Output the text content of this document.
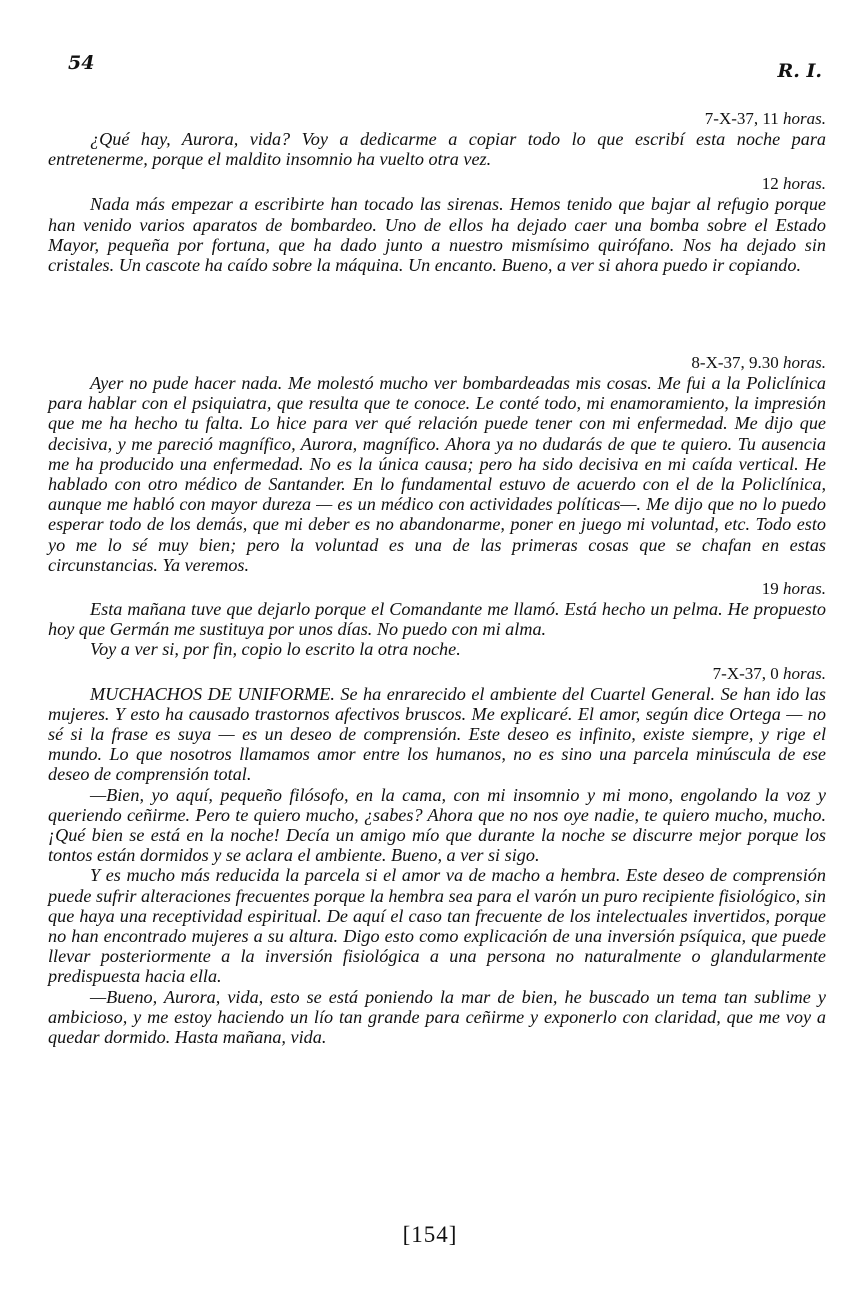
54	R. I.
7-X-37, 11 horas.

¿Qué hay, Aurora, vida? Voy a dedicarme a copiar todo lo que escribí esta noche para entretenerme, porque el maldito insomnio ha vuelto otra vez.

12 horas.

Nada más empezar a escribirte han tocado las sirenas. Hemos tenido que bajar al refugio porque han venido varios aparatos de bombardeo. Uno de ellos ha dejado caer una bomba sobre el Estado Mayor, pequeña por fortuna, que ha dado junto a nuestro mismísimo quirófano. Nos ha dejado sin cristales. Un cascote ha caído sobre la máquina. Un encanto. Bueno, a ver si ahora puedo ir copiando.

8-X-37, 9.30 horas.

Ayer no pude hacer nada. Me molestó mucho ver bombardeadas mis cosas. Me fui a la Policlínica para hablar con el psiquiatra, que resulta que te conoce. Le conté todo, mi enamoramiento, la impresión que me ha hecho tu falta. Lo hice para ver qué relación puede tener con mi enfermedad. Me dijo que decisiva, y me pareció magnífico, Aurora, magnífico. Ahora ya no dudarás de que te quiero. Tu ausencia me ha producido una enfermedad. No es la única causa; pero ha sido decisiva en mi caída vertical. He hablado con otro médico de Santander. En lo fundamental estuvo de acuerdo con el de la Policlínica, aunque me habló con mayor dureza — es un médico con actividades políticas—. Me dijo que no lo puedo esperar todo de los demás, que mi deber es no abandonarme, poner en juego mi voluntad, etc. Todo esto yo me lo sé muy bien; pero la voluntad es una de las primeras cosas que se chafan en estas circunstancias. Ya veremos.

19 horas.

Esta mañana tuve que dejarlo porque el Comandante me llamó. Está hecho un pelma. He propuesto hoy que Germán me sustituya por unos días. No puedo con mi alma.

Voy a ver si, por fin, copio lo escrito la otra noche.

7-X-37, 0 horas.

MUCHACHOS DE UNIFORME. Se ha enrarecido el ambiente del Cuartel General. Se han ido las mujeres. Y esto ha causado trastornos afectivos bruscos. Me explicaré. El amor, según dice Ortega — no sé si la frase es suya — es un deseo de comprensión. Este deseo es infinito, existe siempre, y rige el mundo. Lo que nosotros llamamos amor entre los humanos, no es sino una parcela minúscula de ese deseo de comprensión total.

—Bien, yo aquí, pequeño filósofo, en la cama, con mi insomnio y mi mono, engolando la voz y queriendo ceñirme. Pero te quiero mucho, ¿sabes? Ahora que no nos oye nadie, te quiero mucho, mucho. ¡Qué bien se está en la noche! Decía un amigo mío que durante la noche se discurre mejor porque los tontos están dormidos y se aclara el ambiente. Bueno, a ver si sigo.

Y es mucho más reducida la parcela si el amor va de macho a hembra. Este deseo de comprensión puede sufrir alteraciones frecuentes porque la hembra sea para el varón un puro recipiente fisiológico, sin que haya una receptividad espiritual. De aquí el caso tan frecuente de los intelectuales invertidos, porque no han encontrado mujeres a su altura. Digo esto como explicación de una inversión psíquica, que puede llevar posteriormente a la inversión fisiológica a una persona no naturalmente o glandularmente predispuesta hacia ella.

—Bueno, Aurora, vida, esto se está poniendo la mar de bien, he buscado un tema tan sublime y ambicioso, y me estoy haciendo un lío tan grande para ceñirme y exponerlo con claridad, que me voy a quedar dormido. Hasta mañana, vida.

[154]
